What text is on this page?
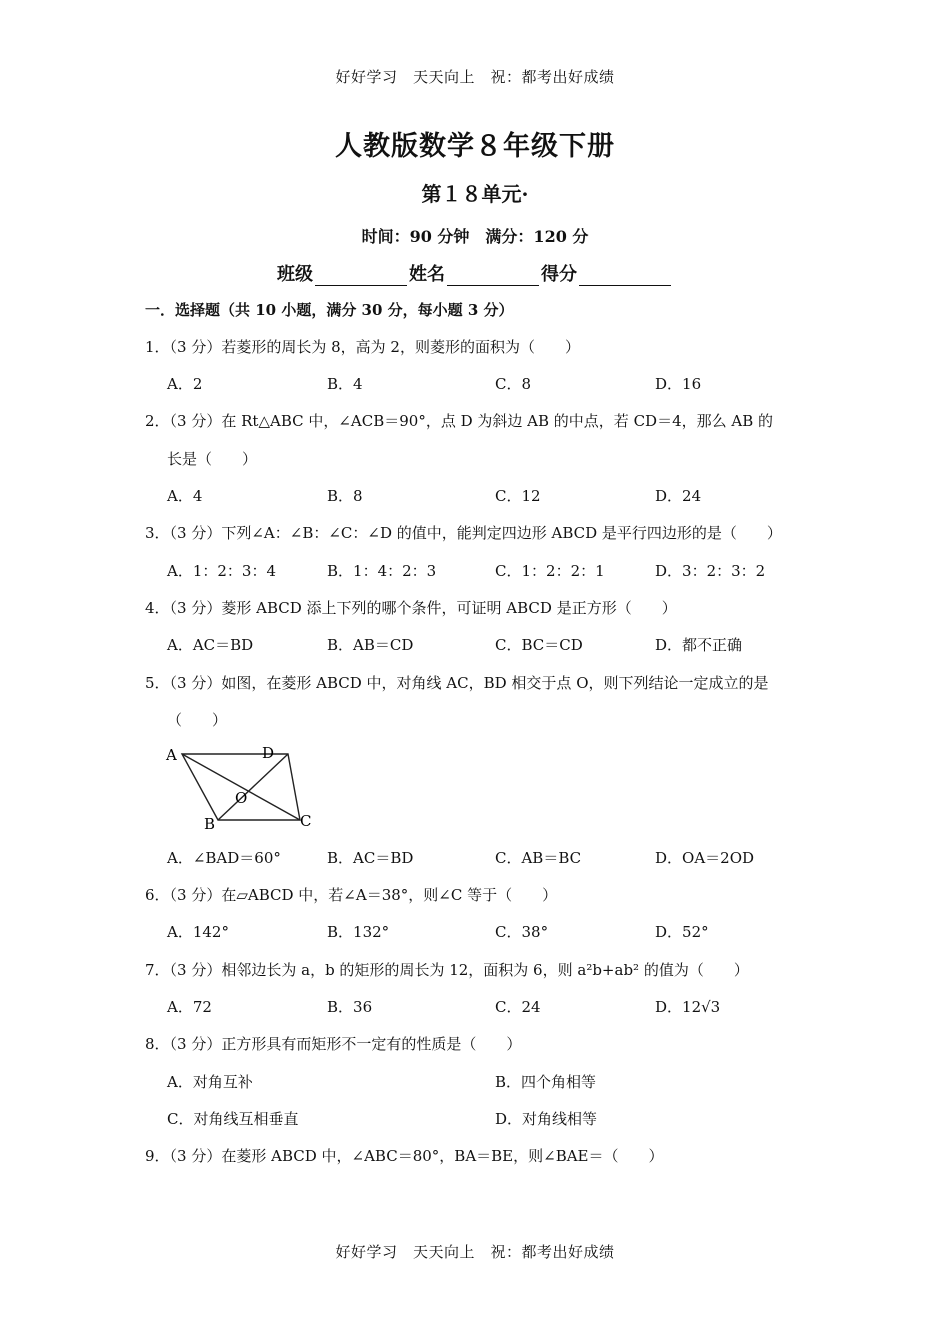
好好学习　天天向上　祝：都考出好成绩
人教版数学８年级下册
第１８单元·
时间：90 分钟　满分：120 分
班级	姓名	得分
一．选择题（共 10 小题，满分 30 分，每小题 3 分）
1．（3 分）若菱形的周长为 8，高为 2，则菱形的面积为（　　）
A．2	B．4	C．8	D．16
2．（3 分）在 Rt△ABC 中，∠ACB＝90°，点 D 为斜边 AB 的中点，若 CD＝4，那么 AB 的
长是（　　）
A．4	B．8	C．12	D．24
3．（3 分）下列∠A：∠B：∠C：∠D 的值中，能判定四边形 ABCD 是平行四边形的是（　　）
A．1：2：3：4	B．1：4：2：3	C．1：2：2：1	D．3：2：3：2
4．（3 分）菱形 ABCD 添上下列的哪个条件，可证明 ABCD 是正方形（　　）
A．AC＝BD	B．AB＝CD	C．BC＝CD	D．都不正确
5．（3 分）如图，在菱形 ABCD 中，对角线 AC，BD 相交于点 O，则下列结论一定成立的是
（　　）
A	D
O
B	C
A．∠BAD＝60°	B．AC＝BD	C．AB＝BC	D．OA＝2OD
6．（3 分）在▱ABCD 中，若∠A＝38°，则∠C 等于（　　）
A．142°	B．132°	C．38°	D．52°
7．（3 分）相邻边长为 a，b 的矩形的周长为 12，面积为 6，则 a²b+ab² 的值为（　　）
A．72	B．36	C．24	D．12√3
8．（3 分）正方形具有而矩形不一定有的性质是（　　）
A．对角互补	B．四个角相等
C．对角线互相垂直	D．对角线相等
9．（3 分）在菱形 ABCD 中，∠ABC＝80°，BA＝BE，则∠BAE＝（　　）
好好学习　天天向上　祝：都考出好成绩
